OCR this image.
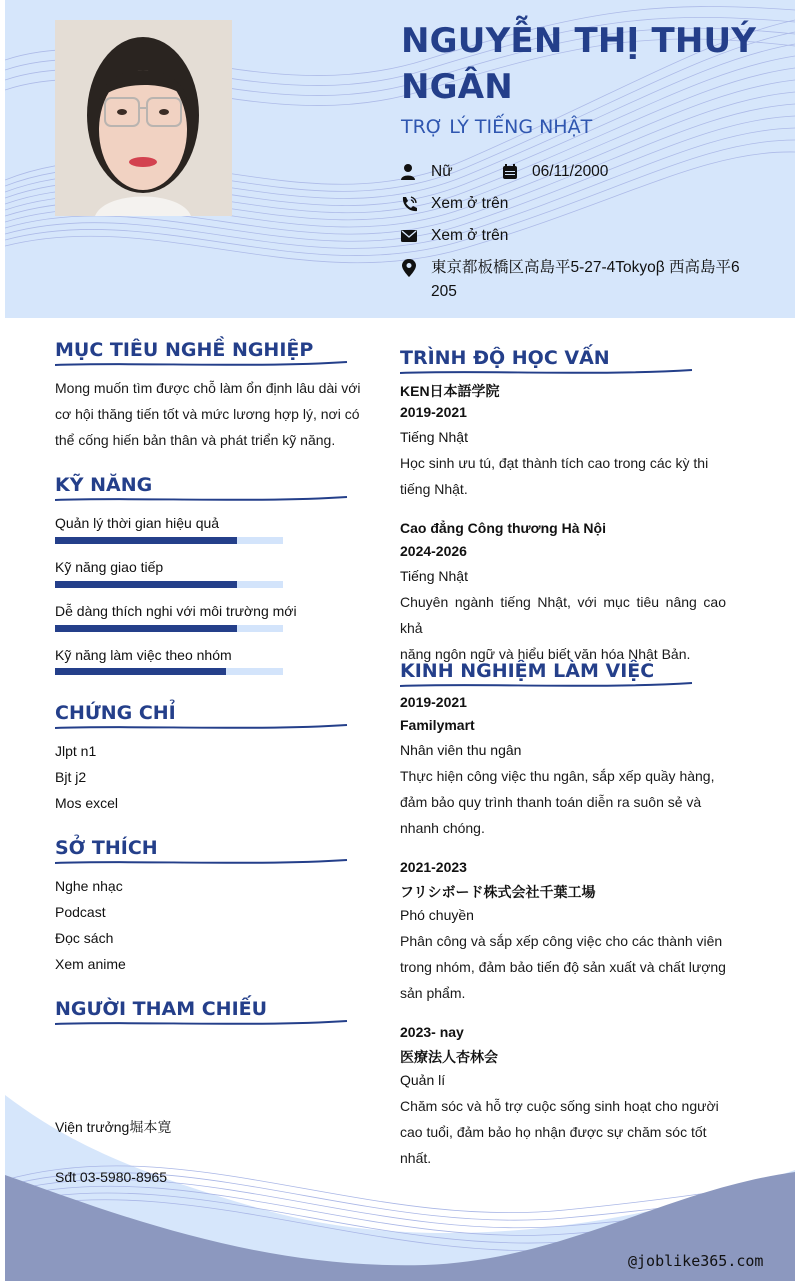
NGUYỄN THỊ THUÝ NGÂN
TRỢ LÝ TIẾNG NHẬT
Nữ	06/11/2000
Xem ở trên
Xem ở trên
東京都板橋区高島平5-27-4Tokyoβ 西高島平6
205
MỤC TIÊU NGHỀ NGHIỆP
Mong muốn tìm được chỗ làm ổn định lâu dài với
cơ hội thăng tiến tốt và mức lương hợp lý, nơi có
thể cống hiến bản thân và phát triển kỹ năng.
KỸ NĂNG
Quản lý thời gian hiệu quả
Kỹ năng giao tiếp
Dễ dàng thích nghi với môi trường mới
Kỹ năng làm việc theo nhóm
CHỨNG CHỈ
Jlpt n1
Bjt j2
Mos excel
SỞ THÍCH
Nghe nhạc
Podcast
Đọc sách
Xem anime
NGƯỜI THAM CHIẾU
Viện trưởng堀本寛
Sđt 03-5980-8965
TRÌNH ĐỘ HỌC VẤN
KEN日本語学院
2019-2021
Tiếng Nhật
Học sinh ưu tú, đạt thành tích cao trong các kỳ thi
tiếng Nhật.
Cao đẳng Công thương Hà Nội
2024-2026
Tiếng Nhật
Chuyên ngành tiếng Nhật, với mục tiêu nâng cao khả
năng ngôn ngữ và hiểu biết văn hóa Nhật Bản.
KINH NGHIỆM LÀM VIỆC
2019-2021
Familymart
Nhân viên thu ngân
Thực hiện công việc thu ngân, sắp xếp quầy hàng,
đảm bảo quy trình thanh toán diễn ra suôn sẻ và
nhanh chóng.
2021-2023
フリシボード株式会社千葉工場
Phó chuyền
Phân công và sắp xếp công việc cho các thành viên
trong nhóm, đảm bảo tiến độ sản xuất và chất lượng
sản phẩm.
2023- nay
医療法人杏林会
Quản lí
Chăm sóc và hỗ trợ cuộc sống sinh hoạt cho người
cao tuổi, đảm bảo họ nhận được sự chăm sóc tốt
nhất.
@joblike365.com
